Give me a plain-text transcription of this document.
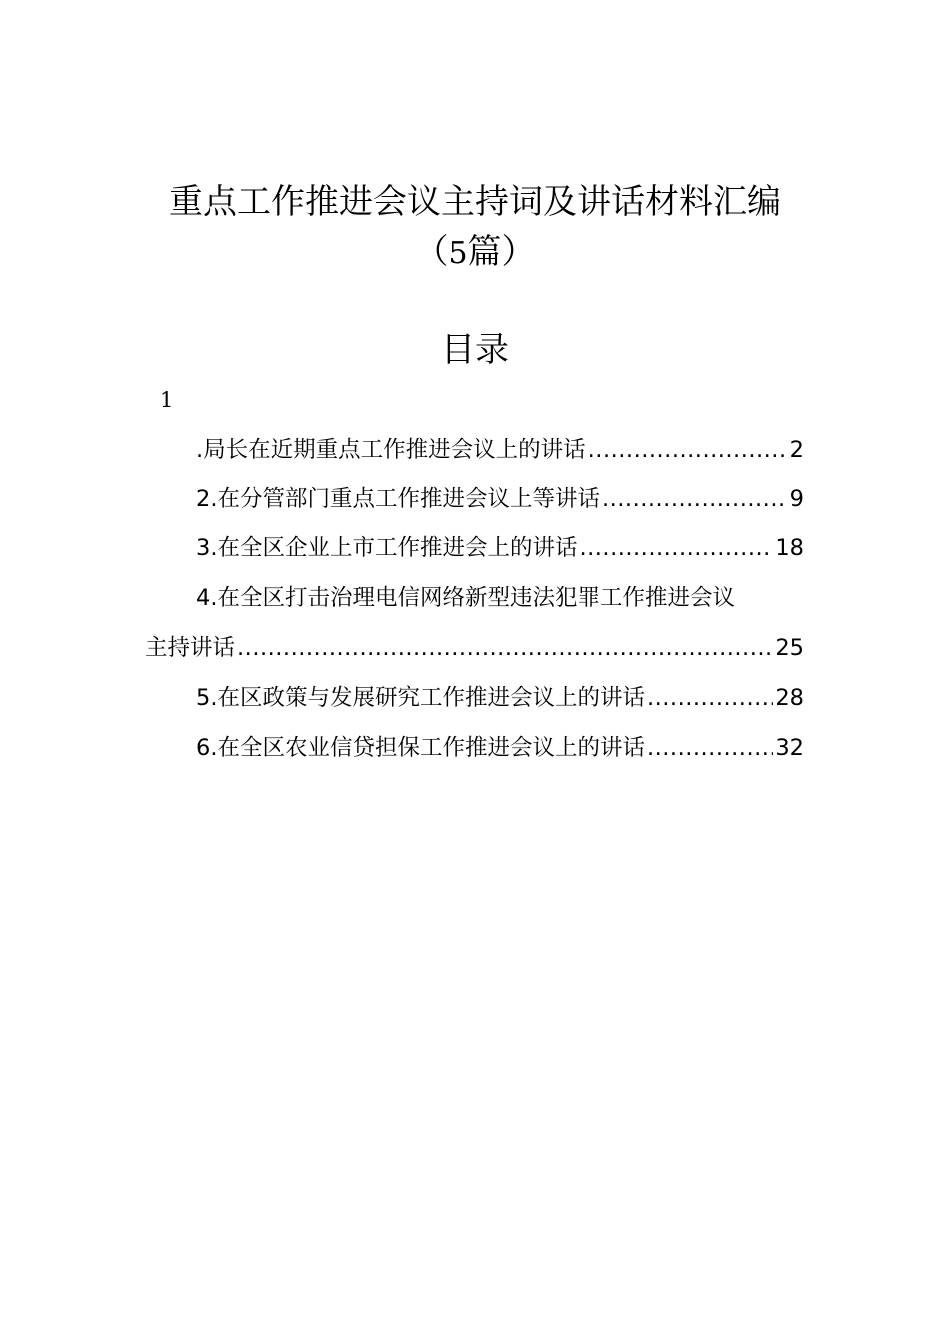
重点工作推进会议主持词及讲话材料汇编
（5篇）
目录
1
.局长在近期重点工作推进会议上的讲话 .....	2
2.在分管部门重点工作推进会议上等讲话 .....	9
3.在全区企业上市工作推进会上的讲话 .....	18
4.在全区打击治理电信网络新型违法犯罪工作推进会议
主持讲话 .....	25
5.在区政策与发展研究工作推进会议上的讲话 .....	28
6.在全区农业信贷担保工作推进会议上的讲话 .....	32
